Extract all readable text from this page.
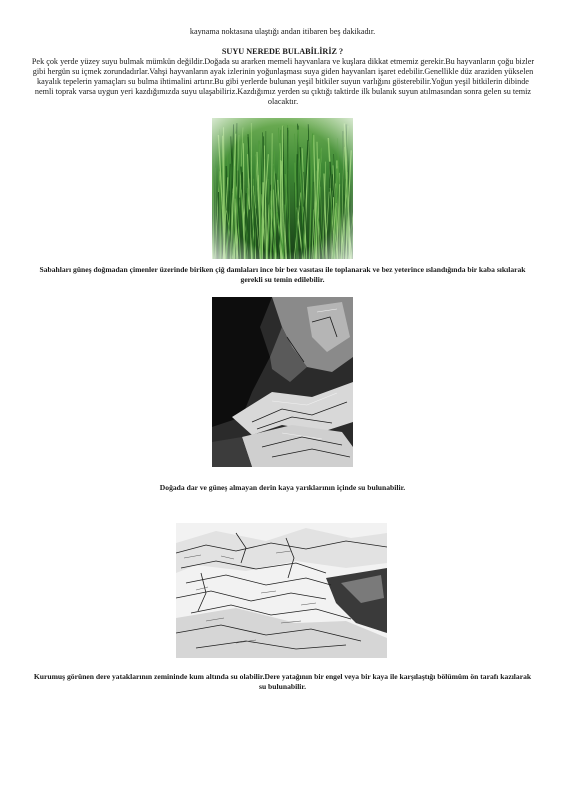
kaynama noktasına ulaştığı andan itibaren beş dakikadır.
SUYU NEREDE BULABİLİRİZ ?
Pek çok yerde yüzey suyu bulmak mümkün değildir.Doğada su ararken memeli hayvanlara ve kuşlara dikkat etmemiz gerekir.Bu hayvanların çoğu bizler gibi hergün su içmek zorundadırlar.Vahşi hayvanların ayak izlerinin yoğunlaşması suya giden hayvanları işaret edebilir.Genellikle düz araziden yükselen kayalık tepelerin yamaçları su bulma ihtimalini artırır.Bu gibi yerlerde bulunan yeşil bitkiler suyun varlığını gösterebilir.Yoğun yeşil bitkilerin dibinde nemli toprak varsa uygun yeri kazdığımızda suyu ulaşabiliriz.Kazdığımız yerden su çıktığı taktirde ilk bulanık suyun atılmasından sonra gelen su temiz olacaktır.
Sabahları güneş doğmadan çimenler üzerinde biriken çiğ damlaları ince bir bez vasıtası ile toplanarak ve bez yeterince ıslandığında bir kaba sıkılarak gerekli su temin edilebilir.
Doğada dar ve güneş almayan derin kaya yarıklarının içinde su bulunabilir.
Kurumuş görünen dere yataklarının zemininde kum altında su olabilir.Dere yatağının bir engel veya bir kaya ile karşılaştığı bölümüm ön tarafı kazılarak su bulunabilir.
